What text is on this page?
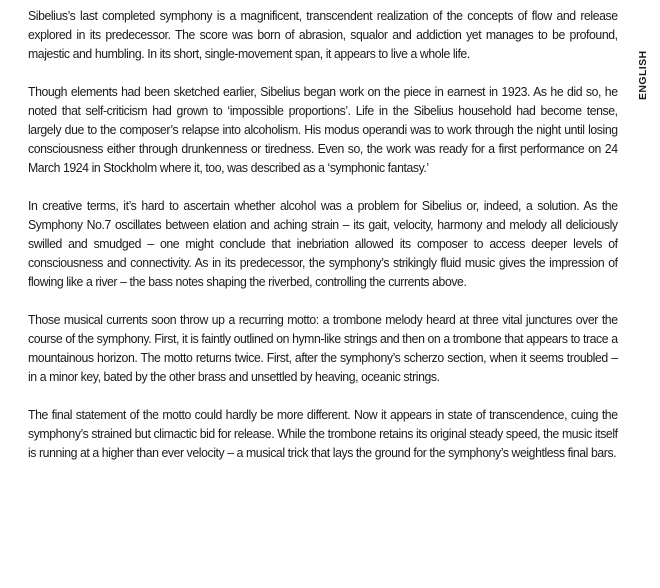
Sibelius’s last completed symphony is a magnificent, transcendent realization of the concepts of flow and release explored in its predecessor. The score was born of abrasion, squalor and addiction yet manages to be profound, majestic and humbling. In its short, single-movement span, it appears to live a whole life.

Though elements had been sketched earlier, Sibelius began work on the piece in earnest in 1923. As he did so, he noted that self-criticism had grown to ‘impossible proportions’. Life in the Sibelius household had become tense, largely due to the composer’s relapse into alcoholism. His modus operandi was to work through the night until losing consciousness either through drunkenness or tiredness. Even so, the work was ready for a first performance on 24 March 1924 in Stockholm where it, too, was described as a ‘symphonic fantasy.’

In creative terms, it’s hard to ascertain whether alcohol was a problem for Sibelius or, indeed, a solution. As the Symphony No.7 oscillates between elation and aching strain – its gait, velocity, harmony and melody all deliciously swilled and smudged – one might conclude that inebriation allowed its composer to access deeper levels of consciousness and connectivity. As in its predecessor, the symphony’s strikingly fluid music gives the impression of flowing like a river – the bass notes shaping the riverbed, controlling the currents above.

Those musical currents soon throw up a recurring motto: a trombone melody heard at three vital junctures over the course of the symphony. First, it is faintly outlined on hymn-like strings and then on a trombone that appears to trace a mountainous horizon. The motto returns twice. First, after the symphony’s scherzo section, when it seems troubled – in a minor key, bated by the other brass and unsettled by heaving, oceanic strings.

The final statement of the motto could hardly be more different. Now it appears in state of transcendence, cuing the symphony’s strained but climactic bid for release. While the trombone retains its original steady speed, the music itself is running at a higher than ever velocity – a musical trick that lays the ground for the symphony’s weightless final bars.

ENGLISH
